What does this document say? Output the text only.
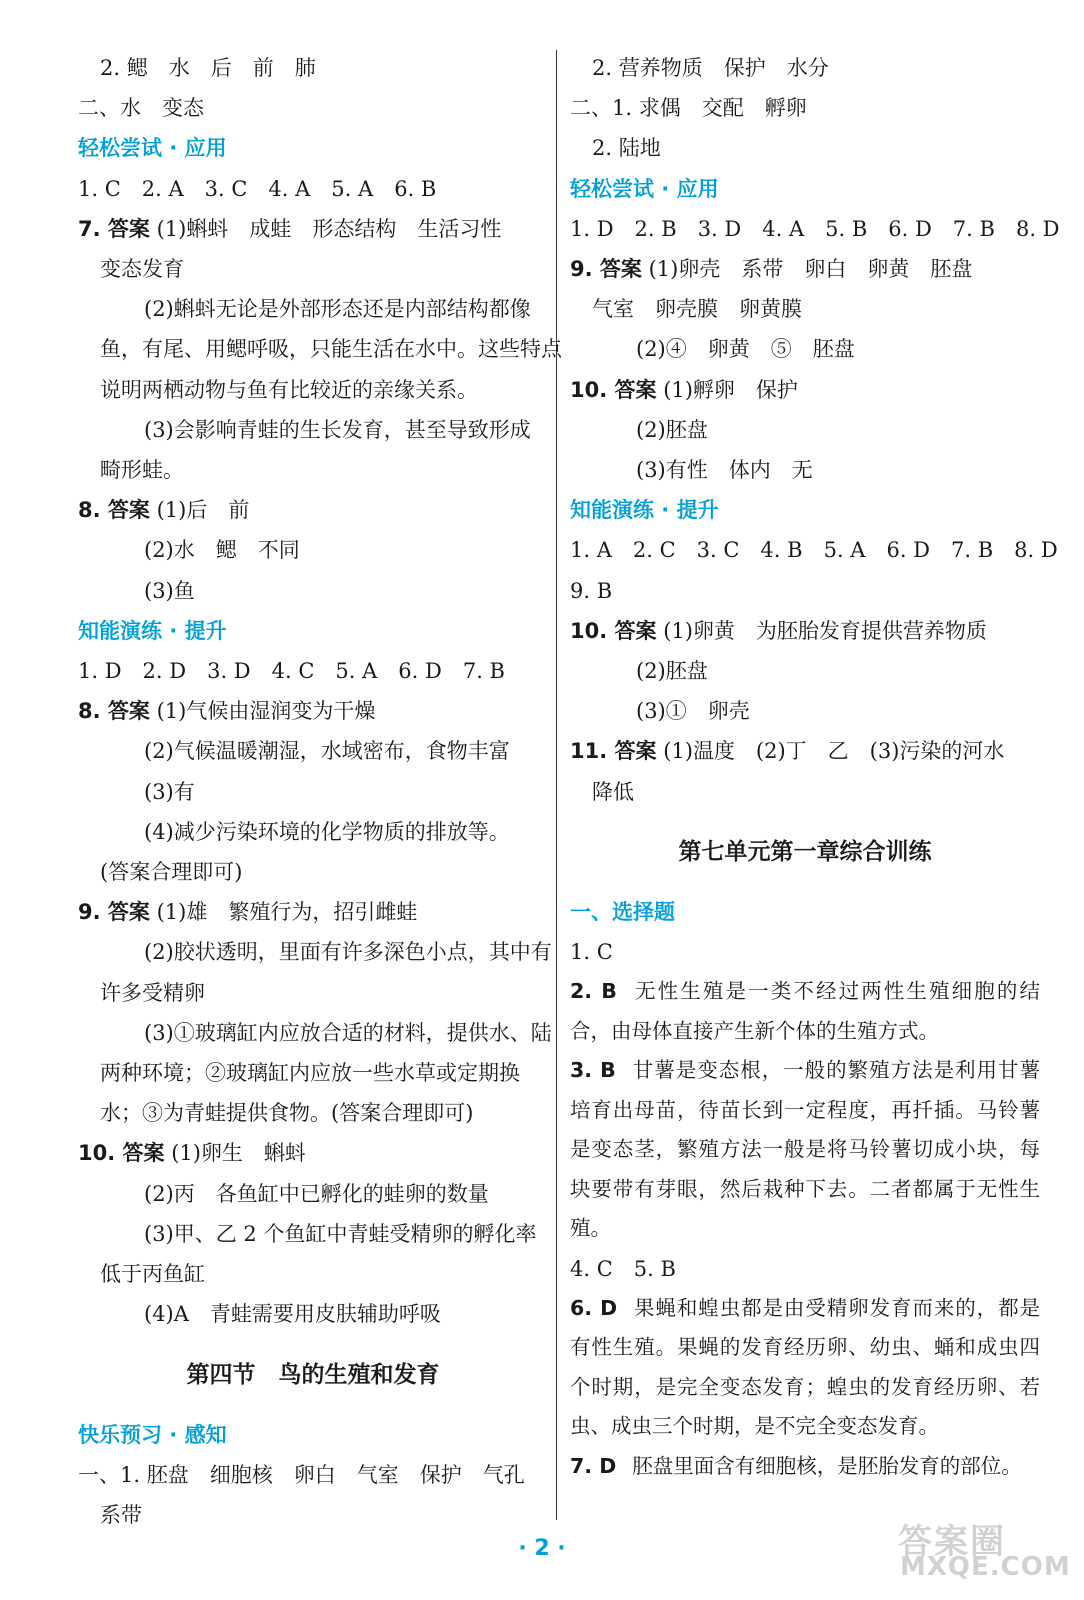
2. 鳃　水　后　前　肺
二、水　变态
轻松尝试 · 应用
1. C　2. A　3. C　4. A　5. A　6. B
7. 答案 (1)蝌蚪　成蛙　形态结构　生活习性
变态发育
(2)蝌蚪无论是外部形态还是内部结构都像
鱼，有尾、用鳃呼吸，只能生活在水中。这些特点
说明两栖动物与鱼有比较近的亲缘关系。
(3)会影响青蛙的生长发育，甚至导致形成
畸形蛙。
8. 答案 (1)后　前
(2)水　鳃　不同
(3)鱼
知能演练 · 提升
1. D　2. D　3. D　4. C　5. A　6. D　7. B
8. 答案 (1)气候由湿润变为干燥
(2)气候温暖潮湿，水域密布，食物丰富
(3)有
(4)减少污染环境的化学物质的排放等。
(答案合理即可)
9. 答案 (1)雄　繁殖行为，招引雌蛙
(2)胶状透明，里面有许多深色小点，其中有
许多受精卵
(3)①玻璃缸内应放合适的材料，提供水、陆
两种环境；②玻璃缸内应放一些水草或定期换
水；③为青蛙提供食物。(答案合理即可)
10. 答案 (1)卵生　蝌蚪
(2)丙　各鱼缸中已孵化的蛙卵的数量
(3)甲、乙 2 个鱼缸中青蛙受精卵的孵化率
低于丙鱼缸
(4)A　青蛙需要用皮肤辅助呼吸
第四节　鸟的生殖和发育
快乐预习 · 感知
一、1. 胚盘　细胞核　卵白　气室　保护　气孔
系带
2. 营养物质　保护　水分
二、1. 求偶　交配　孵卵
2. 陆地
轻松尝试 · 应用
1. D　2. B　3. D　4. A　5. B　6. D　7. B　8. D
9. 答案 (1)卵壳　系带　卵白　卵黄　胚盘
气室　卵壳膜　卵黄膜
(2)④　卵黄　⑤　胚盘
10. 答案 (1)孵卵　保护
(2)胚盘
(3)有性　体内　无
知能演练 · 提升
1. A　2. C　3. C　4. B　5. A　6. D　7. B　8. D
9. B
10. 答案 (1)卵黄　为胚胎发育提供营养物质
(2)胚盘
(3)①　卵壳
11. 答案 (1)温度　(2)丁　乙　(3)污染的河水
降低
第七单元第一章综合训练
一、选择题
1. C
2. B 无性生殖是一类不经过两性生殖细胞的结合，由母体直接产生新个体的生殖方式。
3. B 甘薯是变态根，一般的繁殖方法是利用甘薯培育出母苗，待苗长到一定程度，再扦插。马铃薯是变态茎，繁殖方法一般是将马铃薯切成小块，每块要带有芽眼，然后栽种下去。二者都属于无性生殖。
4. C　5. B
6. D 果蝇和蝗虫都是由受精卵发育而来的，都是有性生殖。果蝇的发育经历卵、幼虫、蛹和成虫四个时期，是完全变态发育；蝗虫的发育经历卵、若虫、成虫三个时期，是不完全变态发育。
7. D 胚盘里面含有细胞核，是胚胎发育的部位。
· 2 ·	答案圈
MXQE.COM
